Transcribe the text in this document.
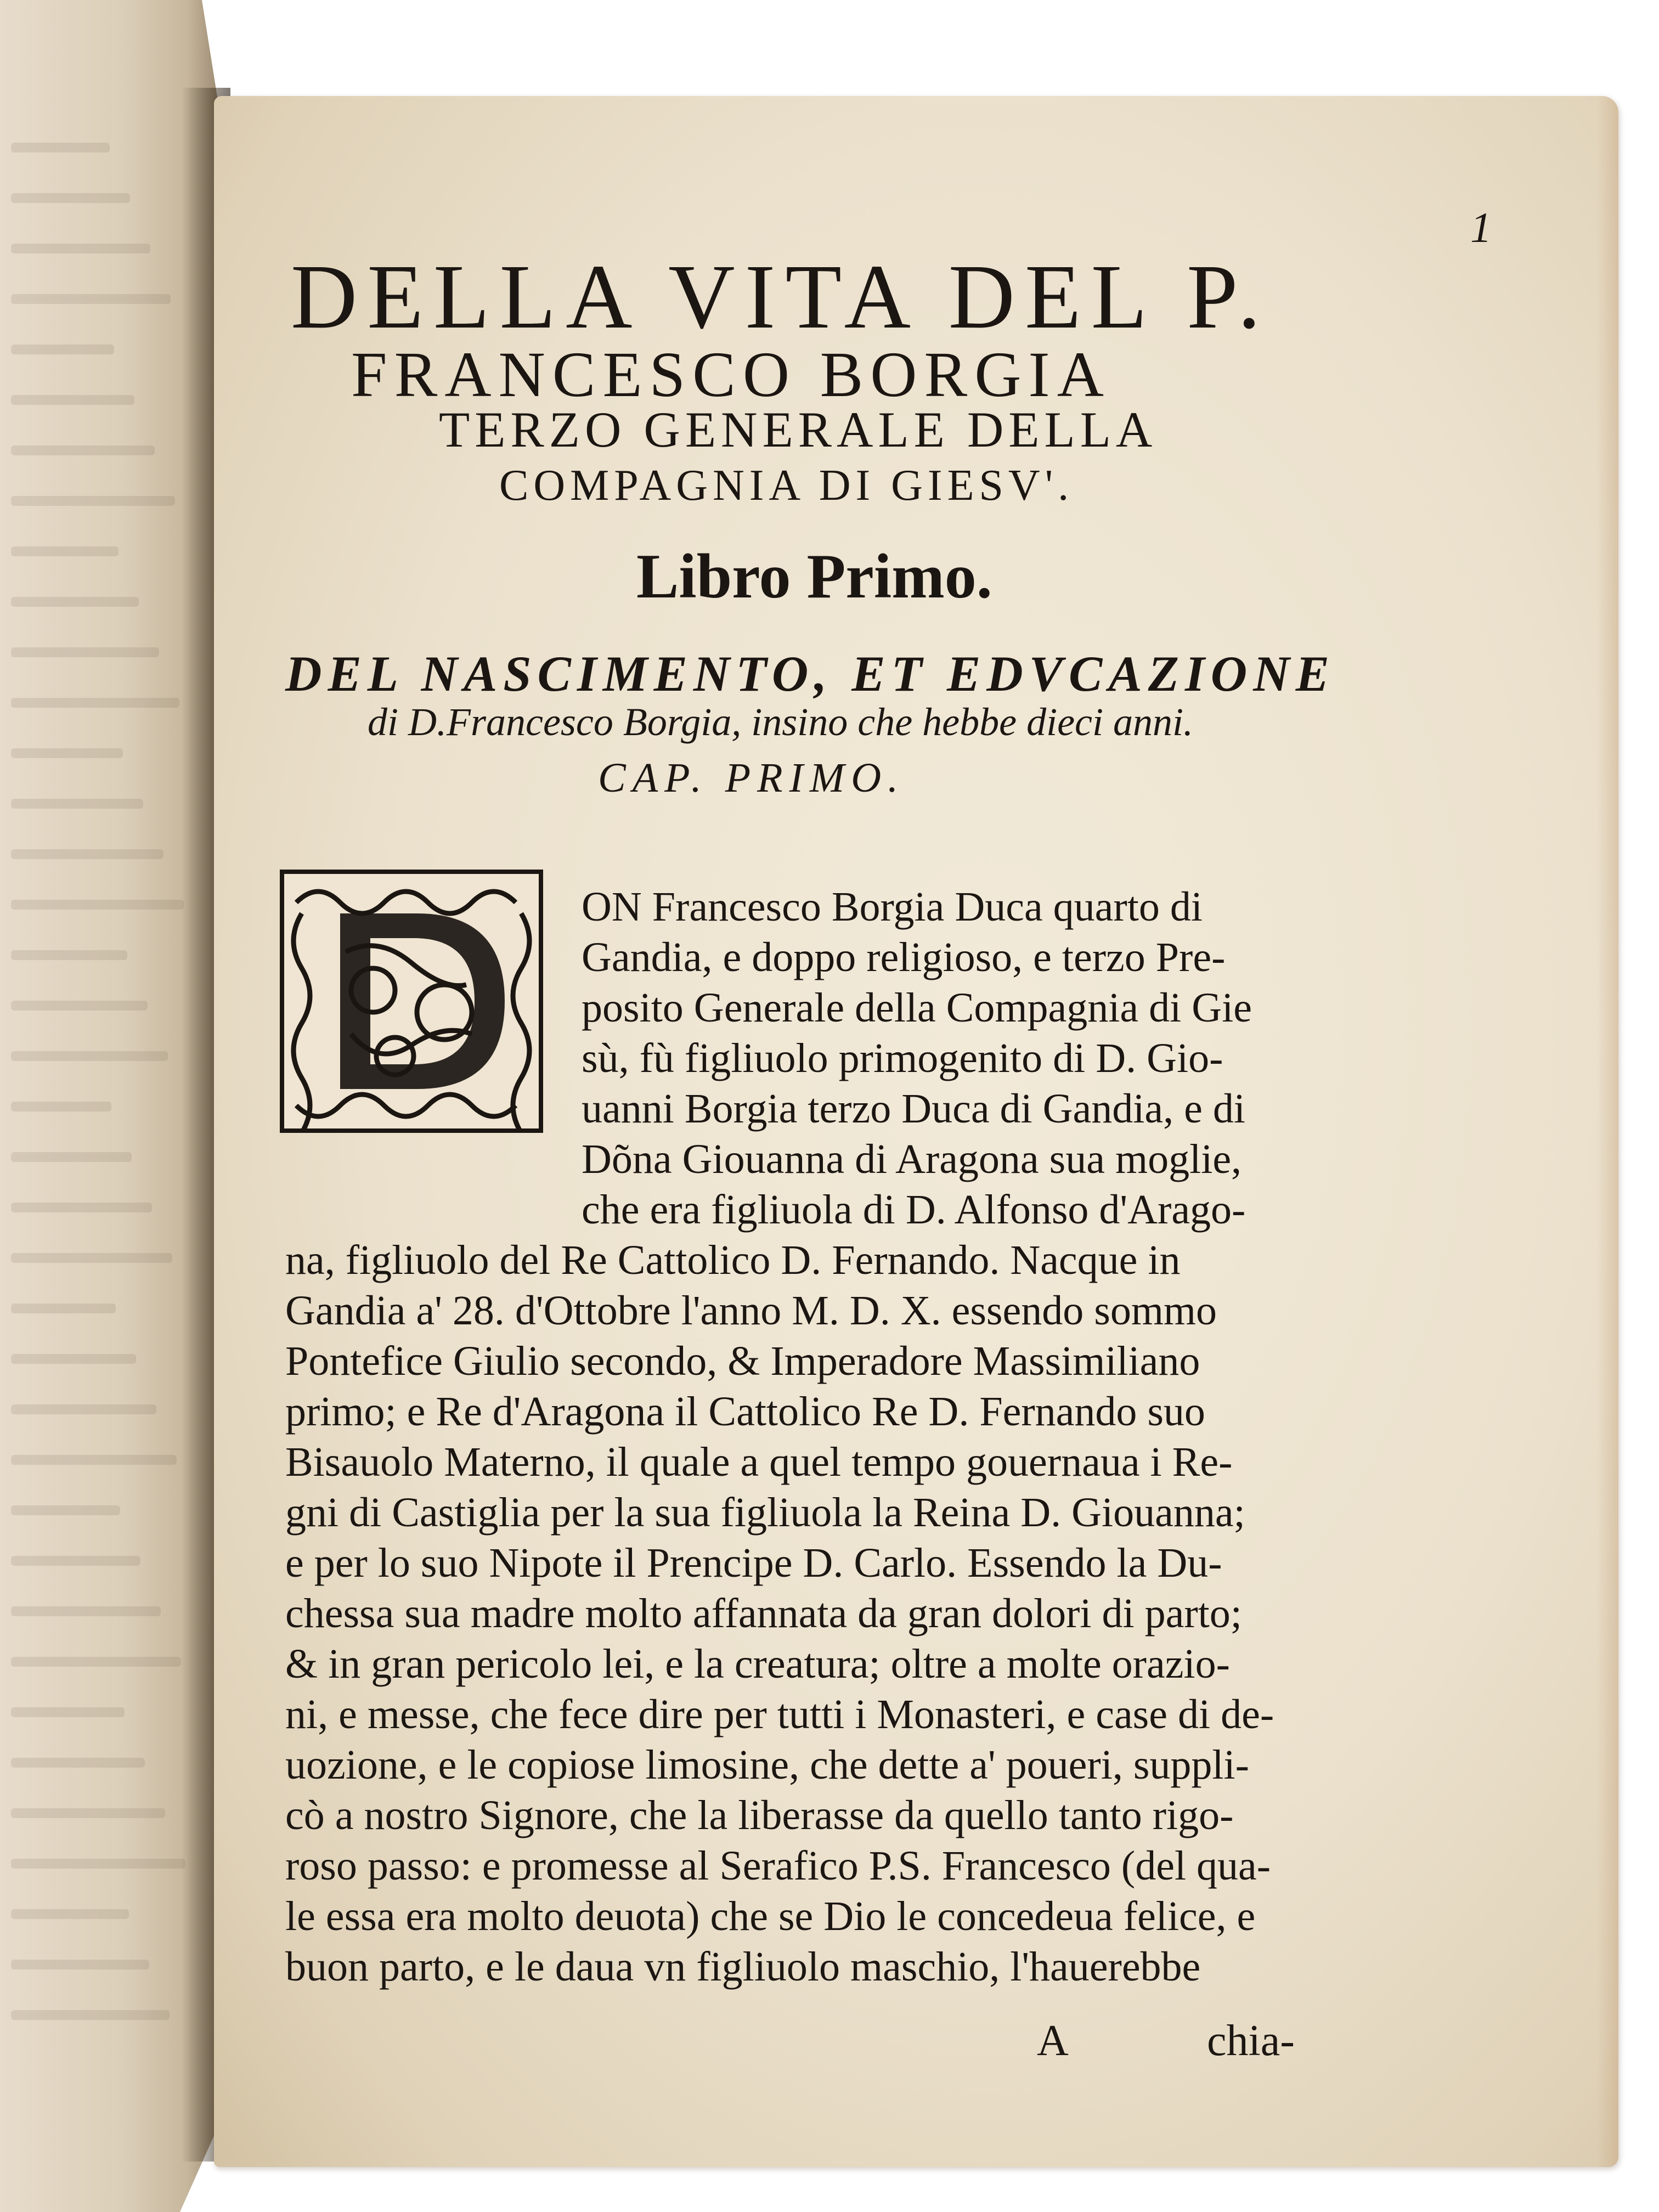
1
DELLA VITA DEL P.
FRANCESCO BORGIA
TERZO GENERALE DELLA
COMPAGNIA DI GIESV'.
Libro Primo.
DEL NASCIMENTO, ET EDVCAZIONE
di D.Francesco Borgia, insino che hebbe dieci anni.
CAP. PRIMO.
ON Francesco Borgia Duca quarto di
Gandia, e doppo religioso, e terzo Pre-
posito Generale della Compagnia di Gie
sù, fù figliuolo primogenito di D. Gio-
uanni Borgia terzo Duca di Gandia, e di
Dõna Giouanna di Aragona sua moglie,
che era figliuola di D. Alfonso d'Arago-
na, figliuolo del Re Cattolico D. Fernando. Nacque in
Gandia a' 28. d'Ottobre l'anno M. D. X. essendo sommo
Pontefice Giulio secondo, & Imperadore Massimiliano
primo; e Re d'Aragona il Cattolico Re D. Fernando suo
Bisauolo Materno, il quale a quel tempo gouernaua i Re-
gni di Castiglia per la sua figliuola la Reina D. Giouanna;
e per lo suo Nipote il Prencipe D. Carlo. Essendo la Du-
chessa sua madre molto affannata da gran dolori di parto;
& in gran pericolo lei, e la creatura; oltre a molte orazio-
ni, e messe, che fece dire per tutti i Monasteri, e case di de-
uozione, e le copiose limosine, che dette a' poueri, suppli-
cò a nostro Signore, che la liberasse da quello tanto rigo-
roso passo: e promesse al Serafico P.S. Francesco (del qua-
le essa era molto deuota) che se Dio le concedeua felice, e
buon parto, e le daua vn figliuolo maschio, l'hauerebbe
A	chia-
